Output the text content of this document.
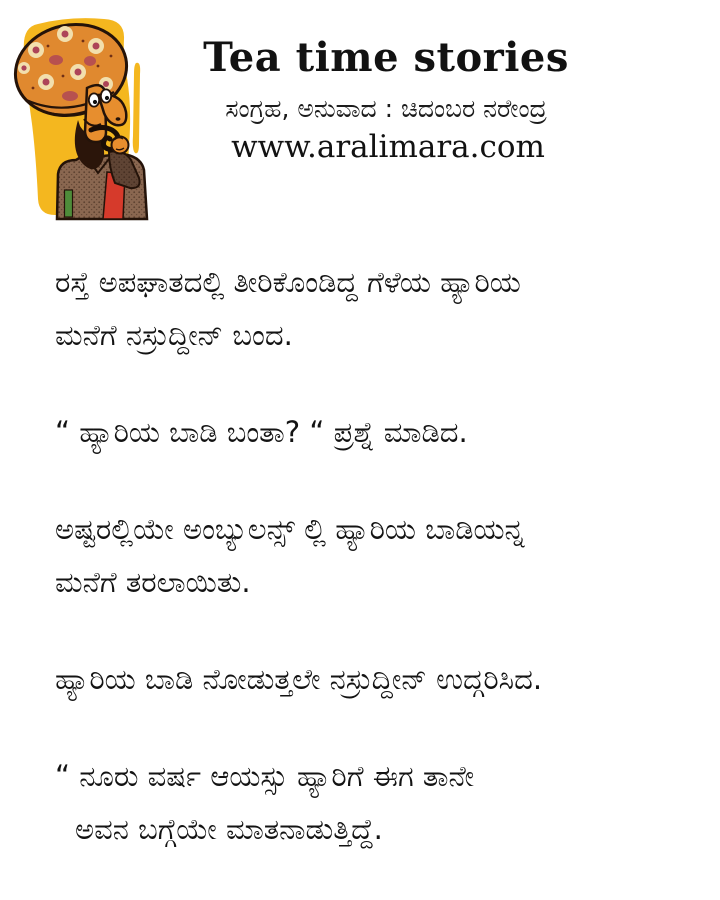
Tea time stories
ಸಂಗ್ರಹ, ಅನುವಾದ : ಚಿದಂಬರ ನರೇಂದ್ರ
www.aralimara.com

ರಸ್ತೆ ಅಪಘಾತದಲ್ಲಿ ತೀರಿಕೊಂಡಿದ್ದ ಗೆಳೆಯ ಹ್ಯಾರಿಯ
ಮನೆಗೆ ನಸ್ರುದ್ದೀನ್ ಬಂದ.

“ ಹ್ಯಾರಿಯ ಬಾಡಿ ಬಂತಾ? “ ಪ್ರಶ್ನೆ ಮಾಡಿದ.

ಅಷ್ಟರಲ್ಲಿಯೇ ಅಂಬ್ಯುಲನ್ಸ್ ಲ್ಲಿ ಹ್ಯಾರಿಯ ಬಾಡಿಯನ್ನ
ಮನೆಗೆ ತರಲಾಯಿತು.

ಹ್ಯಾರಿಯ ಬಾಡಿ ನೋಡುತ್ತಲೇ ನಸ್ರುದ್ದೀನ್ ಉದ್ಗರಿಸಿದ.

“ ನೂರು ವರ್ಷ ಆಯಸ್ಸು ಹ್ಯಾರಿಗೆ ಈಗ ತಾನೇ
ಅವನ ಬಗ್ಗೆಯೇ ಮಾತನಾಡುತ್ತಿದ್ದೆ.
